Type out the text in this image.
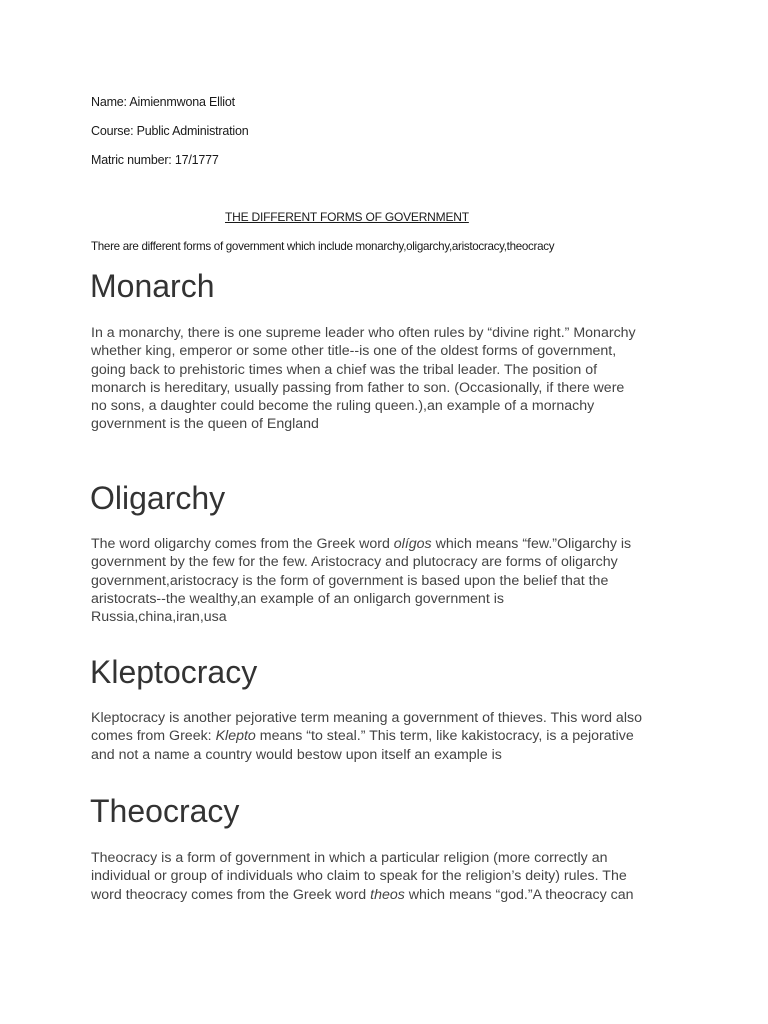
Name: Aimienmwona Elliot
Course: Public Administration
Matric number: 17/1777
THE DIFFERENT FORMS OF GOVERNMENT
There are different forms of government which include monarchy,oligarchy,aristocracy,theocracy
Monarch

In a monarchy, there is one supreme leader who often rules by “divine right.” Monarchy
whether king, emperor or some other title--is one of the oldest forms of government,
going back to prehistoric times when a chief was the tribal leader. The position of
monarch is hereditary, usually passing from father to son. (Occasionally, if there were
no sons, a daughter could become the ruling queen.),an example of a mornachy
government is the queen of England

Oligarchy

The word oligarchy comes from the Greek word olígos which means “few.”Oligarchy is
government by the few for the few. Aristocracy and plutocracy are forms of oligarchy
government,aristocracy is the form of government is based upon the belief that the
aristocrats--the wealthy,an example of an onligarch government is
Russia,china,iran,usa

Kleptocracy

Kleptocracy is another pejorative term meaning a government of thieves. This word also
comes from Greek: Klepto means “to steal.” This term, like kakistocracy, is a pejorative
and not a name a country would bestow upon itself an example is

Theocracy

Theocracy is a form of government in which a particular religion (more correctly an
individual or group of individuals who claim to speak for the religion’s deity) rules. The
word theocracy comes from the Greek word theos which means “god.”A theocracy can
